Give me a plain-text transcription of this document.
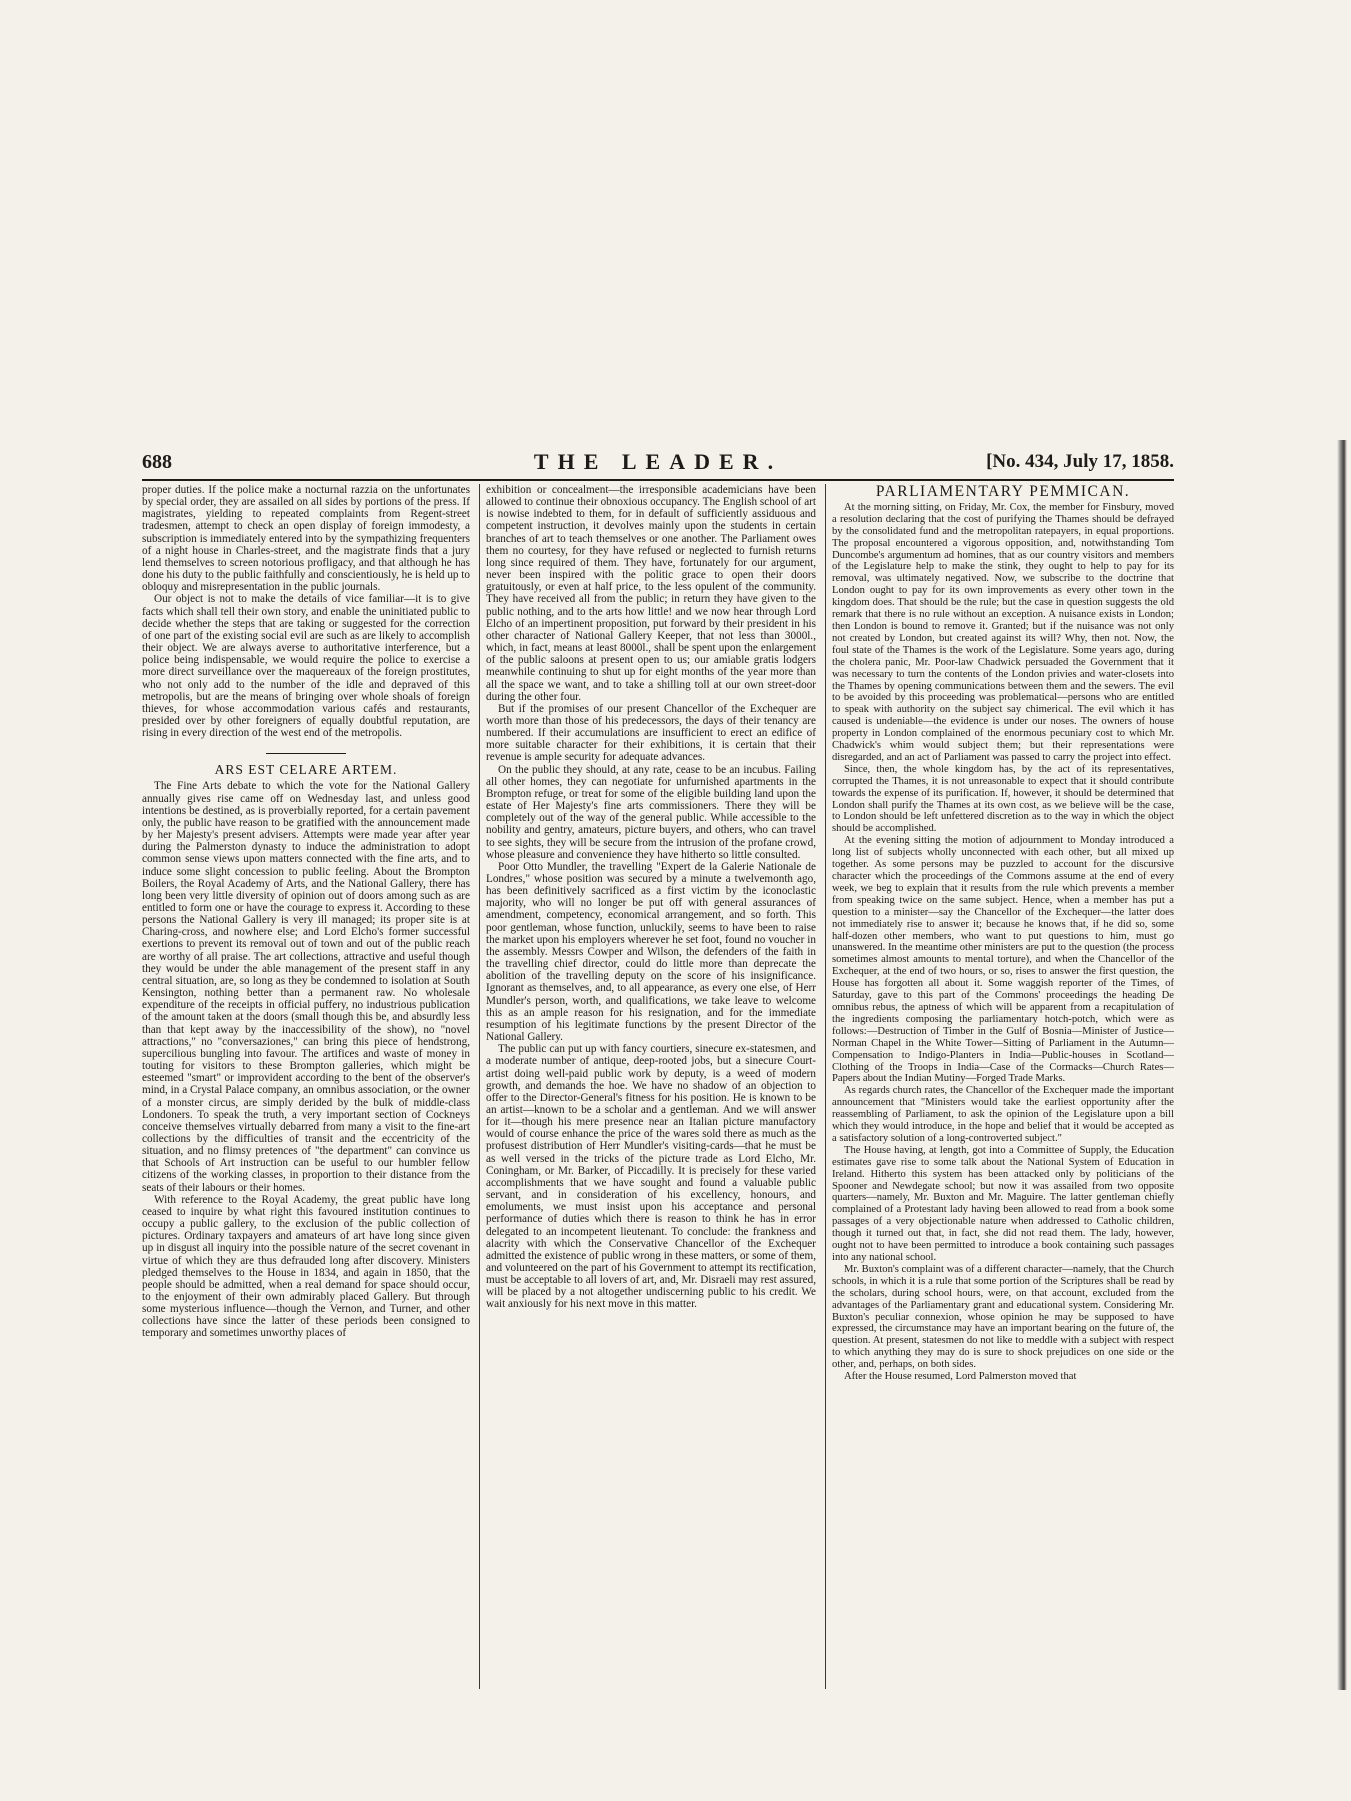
688	THE LEADER.	[No. 434, July 17, 1858.

proper duties. If the police make a nocturnal razzia on the unfortunates by special order, they are assailed on all sides by portions of the press. If magistrates, yielding to repeated complaints from Regent-street tradesmen, attempt to check an open display of foreign immodesty, a subscription is immediately entered into by the sympathizing frequenters of a night house in Charles-street, and the magistrate finds that a jury lend themselves to screen notorious profligacy, and that although he has done his duty to the public faithfully and conscientiously, he is held up to obloquy and misrepresentation in the public journals.

Our object is not to make the details of vice familiar—it is to give facts which shall tell their own story, and enable the uninitiated public to decide whether the steps that are taking or suggested for the correction of one part of the existing social evil are such as are likely to accomplish their object. We are always averse to authoritative interference, but a police being indispensable, we would require the police to exercise a more direct surveillance over the maquereaux of the foreign prostitutes, who not only add to the number of the idle and depraved of this metropolis, but are the means of bringing over whole shoals of foreign thieves, for whose accommodation various cafés and restaurants, presided over by other foreigners of equally doubtful reputation, are rising in every direction of the west end of the metropolis.

ARS EST CELARE ARTEM.

The Fine Arts debate to which the vote for the National Gallery annually gives rise came off on Wednesday last, and unless good intentions be destined, as is proverbially reported, for a certain pavement only, the public have reason to be gratified with the announcement made by her Majesty's present advisers. Attempts were made year after year during the Palmerston dynasty to induce the administration to adopt common sense views upon matters connected with the fine arts, and to induce some slight concession to public feeling. About the Brompton Boilers, the Royal Academy of Arts, and the National Gallery, there has long been very little diversity of opinion out of doors among such as are entitled to form one or have the courage to express it. According to these persons the National Gallery is very ill managed; its proper site is at Charing-cross, and nowhere else; and Lord Elcho's former successful exertions to prevent its removal out of town and out of the public reach are worthy of all praise. The art collections, attractive and useful though they would be under the able management of the present staff in any central situation, are, so long as they be condemned to isolation at South Kensington, nothing better than a permanent raw. No wholesale expenditure of the receipts in official puffery, no industrious publication of the amount taken at the doors (small though this be, and absurdly less than that kept away by the inaccessibility of the show), no "novel attractions," no "conversaziones," can bring this piece of hendstrong, supercilious bungling into favour. The artifices and waste of money in touting for visitors to these Brompton galleries, which might be esteemed "smart" or improvident according to the bent of the observer's mind, in a Crystal Palace company, an omnibus association, or the owner of a monster circus, are simply derided by the bulk of middle-class Londoners. To speak the truth, a very important section of Cockneys conceive themselves virtually debarred from many a visit to the fine-art collections by the difficulties of transit and the eccentricity of the situation, and no flimsy pretences of "the department" can convince us that Schools of Art instruction can be useful to our humbler fellow citizens of the working classes, in proportion to their distance from the seats of their labours or their homes.

With reference to the Royal Academy, the great public have long ceased to inquire by what right this favoured institution continues to occupy a public gallery, to the exclusion of the public collection of pictures. Ordinary taxpayers and amateurs of art have long since given up in disgust all inquiry into the possible nature of the secret covenant in virtue of which they are thus defrauded long after discovery. Ministers pledged themselves to the House in 1834, and again in 1850, that the people should be admitted, when a real demand for space should occur, to the enjoyment of their own admirably placed Gallery. But through some mysterious influence—though the Vernon, and Turner, and other collections have since the latter of these periods been consigned to temporary and sometimes unworthy places of

exhibition or concealment—the irresponsible academicians have been allowed to continue their obnoxious occupancy. The English school of art is nowise indebted to them, for in default of sufficiently assiduous and competent instruction, it devolves mainly upon the students in certain branches of art to teach themselves or one another. The Parliament owes them no courtesy, for they have refused or neglected to furnish returns long since required of them. They have, fortunately for our argument, never been inspired with the politic grace to open their doors gratuitously, or even at half price, to the less opulent of the community. They have received all from the public; in return they have given to the public nothing, and to the arts how little! and we now hear through Lord Elcho of an impertinent proposition, put forward by their president in his other character of National Gallery Keeper, that not less than 3000l., which, in fact, means at least 8000l., shall be spent upon the enlargement of the public saloons at present open to us; our amiable gratis lodgers meanwhile continuing to shut up for eight months of the year more than all the space we want, and to take a shilling toll at our own street-door during the other four.

But if the promises of our present Chancellor of the Exchequer are worth more than those of his predecessors, the days of their tenancy are numbered. If their accumulations are insufficient to erect an edifice of more suitable character for their exhibitions, it is certain that their revenue is ample security for adequate advances.

On the public they should, at any rate, cease to be an incubus. Failing all other homes, they can negotiate for unfurnished apartments in the Brompton refuge, or treat for some of the eligible building land upon the estate of Her Majesty's fine arts commissioners. There they will be completely out of the way of the general public. While accessible to the nobility and gentry, amateurs, picture buyers, and others, who can travel to see sights, they will be secure from the intrusion of the profane crowd, whose pleasure and convenience they have hitherto so little consulted.

Poor Otto Mundler, the travelling "Expert de la Galerie Nationale de Londres," whose position was secured by a minute a twelvemonth ago, has been definitively sacrificed as a first victim by the iconoclastic majority, who will no longer be put off with general assurances of amendment, competency, economical arrangement, and so forth. This poor gentleman, whose function, unluckily, seems to have been to raise the market upon his employers wherever he set foot, found no voucher in the assembly. Messrs Cowper and Wilson, the defenders of the faith in the travelling chief director, could do little more than deprecate the abolition of the travelling deputy on the score of his insignificance. Ignorant as themselves, and, to all appearance, as every one else, of Herr Mundler's person, worth, and qualifications, we take leave to welcome this as an ample reason for his resignation, and for the immediate resumption of his legitimate functions by the present Director of the National Gallery.

The public can put up with fancy courtiers, sinecure ex-statesmen, and a moderate number of antique, deep-rooted jobs, but a sinecure Court-artist doing well-paid public work by deputy, is a weed of modern growth, and demands the hoe. We have no shadow of an objection to offer to the Director-General's fitness for his position. He is known to be an artist—known to be a scholar and a gentleman. And we will answer for it—though his mere presence near an Italian picture manufactory would of course enhance the price of the wares sold there as much as the profusest distribution of Herr Mundler's visiting-cards—that he must be as well versed in the tricks of the picture trade as Lord Elcho, Mr. Coningham, or Mr. Barker, of Piccadilly. It is precisely for these varied accomplishments that we have sought and found a valuable public servant, and in consideration of his excellency, honours, and emoluments, we must insist upon his acceptance and personal performance of duties which there is reason to think he has in error delegated to an incompetent lieutenant. To conclude: the frankness and alacrity with which the Conservative Chancellor of the Exchequer admitted the existence of public wrong in these matters, or some of them, and volunteered on the part of his Government to attempt its rectification, must be acceptable to all lovers of art, and, Mr. Disraeli may rest assured, will be placed by a not altogether undiscerning public to his credit. We wait anxiously for his next move in this matter.

PARLIAMENTARY PEMMICAN.

At the morning sitting, on Friday, Mr. Cox, the member for Finsbury, moved a resolution declaring that the cost of purifying the Thames should be defrayed by the consolidated fund and the metropolitan ratepayers, in equal proportions. The proposal encountered a vigorous opposition, and, notwithstanding Tom Duncombe's argumentum ad homines, that as our country visitors and members of the Legislature help to make the stink, they ought to help to pay for its removal, was ultimately negatived. Now, we subscribe to the doctrine that London ought to pay for its own improvements as every other town in the kingdom does. That should be the rule; but the case in question suggests the old remark that there is no rule without an exception. A nuisance exists in London; then London is bound to remove it. Granted; but if the nuisance was not only not created by London, but created against its will? Why, then not. Now, the foul state of the Thames is the work of the Legislature. Some years ago, during the cholera panic, Mr. Poor-law Chadwick persuaded the Government that it was necessary to turn the contents of the London privies and water-closets into the Thames by opening communications between them and the sewers. The evil to be avoided by this proceeding was problematical—persons who are entitled to speak with authority on the subject say chimerical. The evil which it has caused is undeniable—the evidence is under our noses. The owners of house property in London complained of the enormous pecuniary cost to which Mr. Chadwick's whim would subject them; but their representations were disregarded, and an act of Parliament was passed to carry the project into effect.

Since, then, the whole kingdom has, by the act of its representatives, corrupted the Thames, it is not unreasonable to expect that it should contribute towards the expense of its purification. If, however, it should be determined that London shall purify the Thames at its own cost, as we believe will be the case, to London should be left unfettered discretion as to the way in which the object should be accomplished.

At the evening sitting the motion of adjournment to Monday introduced a long list of subjects wholly unconnected with each other, but all mixed up together. As some persons may be puzzled to account for the discursive character which the proceedings of the Commons assume at the end of every week, we beg to explain that it results from the rule which prevents a member from speaking twice on the same subject. Hence, when a member has put a question to a minister—say the Chancellor of the Exchequer—the latter does not immediately rise to answer it; because he knows that, if he did so, some half-dozen other members, who want to put questions to him, must go unanswered. In the meantime other ministers are put to the question (the process sometimes almost amounts to mental torture), and when the Chancellor of the Exchequer, at the end of two hours, or so, rises to answer the first question, the House has forgotten all about it. Some waggish reporter of the Times, of Saturday, gave to this part of the Commons' proceedings the heading De omnibus rebus, the aptness of which will be apparent from a recapitulation of the ingredients composing the parliamentary hotch-potch, which were as follows:—Destruction of Timber in the Gulf of Bosnia—Minister of Justice—Norman Chapel in the White Tower—Sitting of Parliament in the Autumn—Compensation to Indigo-Planters in India—Public-houses in Scotland—Clothing of the Troops in India—Case of the Cormacks—Church Rates—Papers about the Indian Mutiny—Forged Trade Marks.

As regards church rates, the Chancellor of the Exchequer made the important announcement that "Ministers would take the earliest opportunity after the reassembling of Parliament, to ask the opinion of the Legislature upon a bill which they would introduce, in the hope and belief that it would be accepted as a satisfactory solution of a long-controverted subject."

The House having, at length, got into a Committee of Supply, the Education estimates gave rise to some talk about the National System of Education in Ireland. Hitherto this system has been attacked only by politicians of the Spooner and Newdegate school; but now it was assailed from two opposite quarters—namely, Mr. Buxton and Mr. Maguire. The latter gentleman chiefly complained of a Protestant lady having been allowed to read from a book some passages of a very objectionable nature when addressed to Catholic children, though it turned out that, in fact, she did not read them. The lady, however, ought not to have been permitted to introduce a book containing such passages into any national school.

Mr. Buxton's complaint was of a different character—namely, that the Church schools, in which it is a rule that some portion of the Scriptures shall be read by the scholars, during school hours, were, on that account, excluded from the advantages of the Parliamentary grant and educational system. Considering Mr. Buxton's peculiar connexion, whose opinion he may be supposed to have expressed, the circumstance may have an important bearing on the future of, the question. At present, statesmen do not like to meddle with a subject with respect to which anything they may do is sure to shock prejudices on one side or the other, and, perhaps, on both sides.

After the House resumed, Lord Palmerston moved that
